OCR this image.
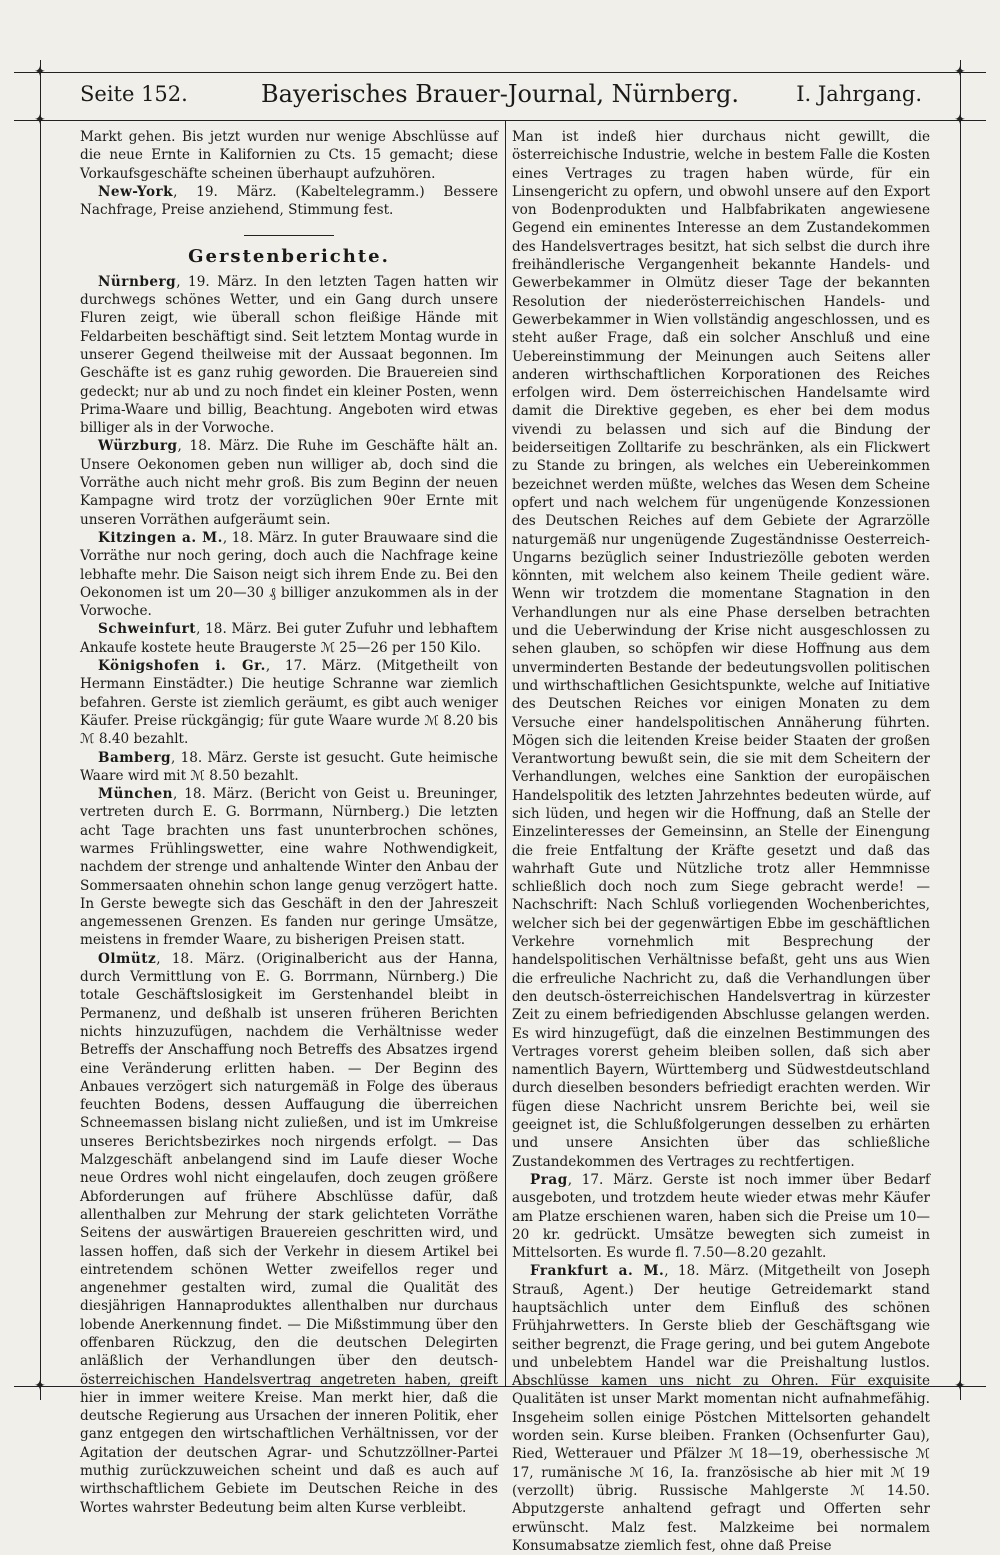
✦	✦
✦	✦
✦	✦
Seite 152.	Bayerisches Brauer-Journal, Nürnberg.	I. Jahrgang.

Markt gehen. Bis jetzt wurden nur wenige Abschlüsse auf die neue Ernte in Kalifornien zu Cts. 15 gemacht; diese Vorkaufsgeschäfte scheinen überhaupt aufzuhören.

New-York, 19. März. (Kabeltelegramm.) Bessere Nachfrage, Preise anziehend, Stimmung fest.

Gerstenberichte.

Nürnberg, 19. März. In den letzten Tagen hatten wir durchwegs schönes Wetter, und ein Gang durch unsere Fluren zeigt, wie überall schon fleißige Hände mit Feldarbeiten beschäftigt sind. Seit letztem Montag wurde in unserer Gegend theilweise mit der Aussaat begonnen. Im Geschäfte ist es ganz ruhig geworden. Die Brauereien sind gedeckt; nur ab und zu noch findet ein kleiner Posten, wenn Prima-Waare und billig, Beachtung. Angeboten wird etwas billiger als in der Vorwoche.

Würzburg, 18. März. Die Ruhe im Geschäfte hält an. Unsere Oekonomen geben nun williger ab, doch sind die Vorräthe auch nicht mehr groß. Bis zum Beginn der neuen Kampagne wird trotz der vorzüglichen 90er Ernte mit unseren Vorräthen aufgeräumt sein.

Kitzingen a. M., 18. März. In guter Brauwaare sind die Vorräthe nur noch gering, doch auch die Nachfrage keine lebhafte mehr. Die Saison neigt sich ihrem Ende zu. Bei den Oekonomen ist um 20—30 ₰ billiger anzukommen als in der Vorwoche.

Schweinfurt, 18. März. Bei guter Zufuhr und lebhaftem Ankaufe kostete heute Braugerste ℳ 25—26 per 150 Kilo.

Königshofen i. Gr., 17. März. (Mitgetheilt von Hermann Einstädter.) Die heutige Schranne war ziemlich befahren. Gerste ist ziemlich geräumt, es gibt auch weniger Käufer. Preise rückgängig; für gute Waare wurde ℳ 8.20 bis ℳ 8.40 bezahlt.

Bamberg, 18. März. Gerste ist gesucht. Gute heimische Waare wird mit ℳ 8.50 bezahlt.

München, 18. März. (Bericht von Geist u. Breuninger, vertreten durch E. G. Borrmann, Nürnberg.) Die letzten acht Tage brachten uns fast ununterbrochen schönes, warmes Frühlingswetter, eine wahre Nothwendigkeit, nachdem der strenge und anhaltende Winter den Anbau der Sommersaaten ohnehin schon lange genug verzögert hatte. In Gerste bewegte sich das Geschäft in den der Jahreszeit angemessenen Grenzen. Es fanden nur geringe Umsätze, meistens in fremder Waare, zu bisherigen Preisen statt.

Olmütz, 18. März. (Originalbericht aus der Hanna, durch Vermittlung von E. G. Borrmann, Nürnberg.) Die totale Geschäftslosigkeit im Gerstenhandel bleibt in Permanenz, und deßhalb ist unseren früheren Berichten nichts hinzuzufügen, nachdem die Verhältnisse weder Betreffs der Anschaffung noch Betreffs des Absatzes irgend eine Veränderung erlitten haben. — Der Beginn des Anbaues verzögert sich naturgemäß in Folge des überaus feuchten Bodens, dessen Auffaugung die überreichen Schneemassen bislang nicht zuließen, und ist im Umkreise unseres Berichtsbezirkes noch nirgends erfolgt. — Das Malzgeschäft anbelangend sind im Laufe dieser Woche neue Ordres wohl nicht eingelaufen, doch zeugen größere Abforderungen auf frühere Abschlüsse dafür, daß allenthalben zur Mehrung der stark gelichteten Vorräthe Seitens der auswärtigen Brauereien geschritten wird, und lassen hoffen, daß sich der Verkehr in diesem Artikel bei eintretendem schönen Wetter zweifellos reger und angenehmer gestalten wird, zumal die Qualität des diesjährigen Hannaproduktes allenthalben nur durchaus lobende Anerkennung findet. — Die Mißstimmung über den offenbaren Rückzug, den die deutschen Delegirten anläßlich der Verhandlungen über den deutsch-österreichischen Handelsvertrag angetreten haben, greift hier in immer weitere Kreise. Man merkt hier, daß die deutsche Regierung aus Ursachen der inneren Politik, eher ganz entgegen den wirtschaftlichen Verhältnissen, vor der Agitation der deutschen Agrar- und Schutzzöllner-Partei muthig zurückzuweichen scheint und daß es auch auf wirthschaftlichem Gebiete im Deutschen Reiche in des Wortes wahrster Bedeutung beim alten Kurse verbleibt.

Man ist indeß hier durchaus nicht gewillt, die österreichische Industrie, welche in bestem Falle die Kosten eines Vertrages zu tragen haben würde, für ein Linsengericht zu opfern, und obwohl unsere auf den Export von Bodenprodukten und Halbfabrikaten angewiesene Gegend ein eminentes Interesse an dem Zustandekommen des Handelsvertrages besitzt, hat sich selbst die durch ihre freihändlerische Vergangenheit bekannte Handels- und Gewerbekammer in Olmütz dieser Tage der bekannten Resolution der niederösterreichischen Handels- und Gewerbekammer in Wien vollständig angeschlossen, und es steht außer Frage, daß ein solcher Anschluß und eine Uebereinstimmung der Meinungen auch Seitens aller anderen wirthschaftlichen Korporationen des Reiches erfolgen wird. Dem österreichischen Handelsamte wird damit die Direktive gegeben, es eher bei dem modus vivendi zu belassen und sich auf die Bindung der beiderseitigen Zolltarife zu beschränken, als ein Flickwert zu Stande zu bringen, als welches ein Uebereinkommen bezeichnet werden müßte, welches das Wesen dem Scheine opfert und nach welchem für ungenügende Konzessionen des Deutschen Reiches auf dem Gebiete der Agrarzölle naturgemäß nur ungenügende Zugeständnisse Oesterreich-Ungarns bezüglich seiner Industriezölle geboten werden könnten, mit welchem also keinem Theile gedient wäre. Wenn wir trotzdem die momentane Stagnation in den Verhandlungen nur als eine Phase derselben betrachten und die Ueberwindung der Krise nicht ausgeschlossen zu sehen glauben, so schöpfen wir diese Hoffnung aus dem unverminderten Bestande der bedeutungsvollen politischen und wirthschaftlichen Gesichtspunkte, welche auf Initiative des Deutschen Reiches vor einigen Monaten zu dem Versuche einer handelspolitischen Annäherung führten. Mögen sich die leitenden Kreise beider Staaten der großen Verantwortung bewußt sein, die sie mit dem Scheitern der Verhandlungen, welches eine Sanktion der europäischen Handelspolitik des letzten Jahrzehntes bedeuten würde, auf sich lüden, und hegen wir die Hoffnung, daß an Stelle der Einzelinteresses der Gemeinsinn, an Stelle der Einengung die freie Entfaltung der Kräfte gesetzt und daß das wahrhaft Gute und Nützliche trotz aller Hemmnisse schließlich doch noch zum Siege gebracht werde! — Nachschrift: Nach Schluß vorliegenden Wochenberichtes, welcher sich bei der gegenwärtigen Ebbe im geschäftlichen Verkehre vornehmlich mit Besprechung der handelspolitischen Verhältnisse befaßt, geht uns aus Wien die erfreuliche Nachricht zu, daß die Verhandlungen über den deutsch-österreichischen Handelsvertrag in kürzester Zeit zu einem befriedigenden Abschlusse gelangen werden. Es wird hinzugefügt, daß die einzelnen Bestimmungen des Vertrages vorerst geheim bleiben sollen, daß sich aber namentlich Bayern, Württemberg und Südwestdeutschland durch dieselben besonders befriedigt erachten werden. Wir fügen diese Nachricht unsrem Berichte bei, weil sie geeignet ist, die Schlußfolgerungen desselben zu erhärten und unsere Ansichten über das schließliche Zustandekommen des Vertrages zu rechtfertigen.

Prag, 17. März. Gerste ist noch immer über Bedarf ausgeboten, und trotzdem heute wieder etwas mehr Käufer am Platze erschienen waren, haben sich die Preise um 10—20 kr. gedrückt. Umsätze bewegten sich zumeist in Mittelsorten. Es wurde fl. 7.50—8.20 gezahlt.

Frankfurt a. M., 18. März. (Mitgetheilt von Joseph Strauß, Agent.) Der heutige Getreidemarkt stand hauptsächlich unter dem Einfluß des schönen Frühjahrwetters. In Gerste blieb der Geschäftsgang wie seither begrenzt, die Frage gering, und bei gutem Angebote und unbelebtem Handel war die Preishaltung lustlos. Abschlüsse kamen uns nicht zu Ohren. Für exquisite Qualitäten ist unser Markt momentan nicht aufnahmefähig. Insgeheim sollen einige Pöstchen Mittelsorten gehandelt worden sein. Kurse bleiben. Franken (Ochsenfurter Gau), Ried, Wetterauer und Pfälzer ℳ 18—19, oberhessische ℳ 17, rumänische ℳ 16, Ia. französische ab hier mit ℳ 19 (verzollt) übrig. Russische Mahlgerste ℳ 14.50. Abputzgerste anhaltend gefragt und Offerten sehr erwünscht. Malz fest. Malzkeime bei normalem Konsumabsatze ziemlich fest, ohne daß Preise
